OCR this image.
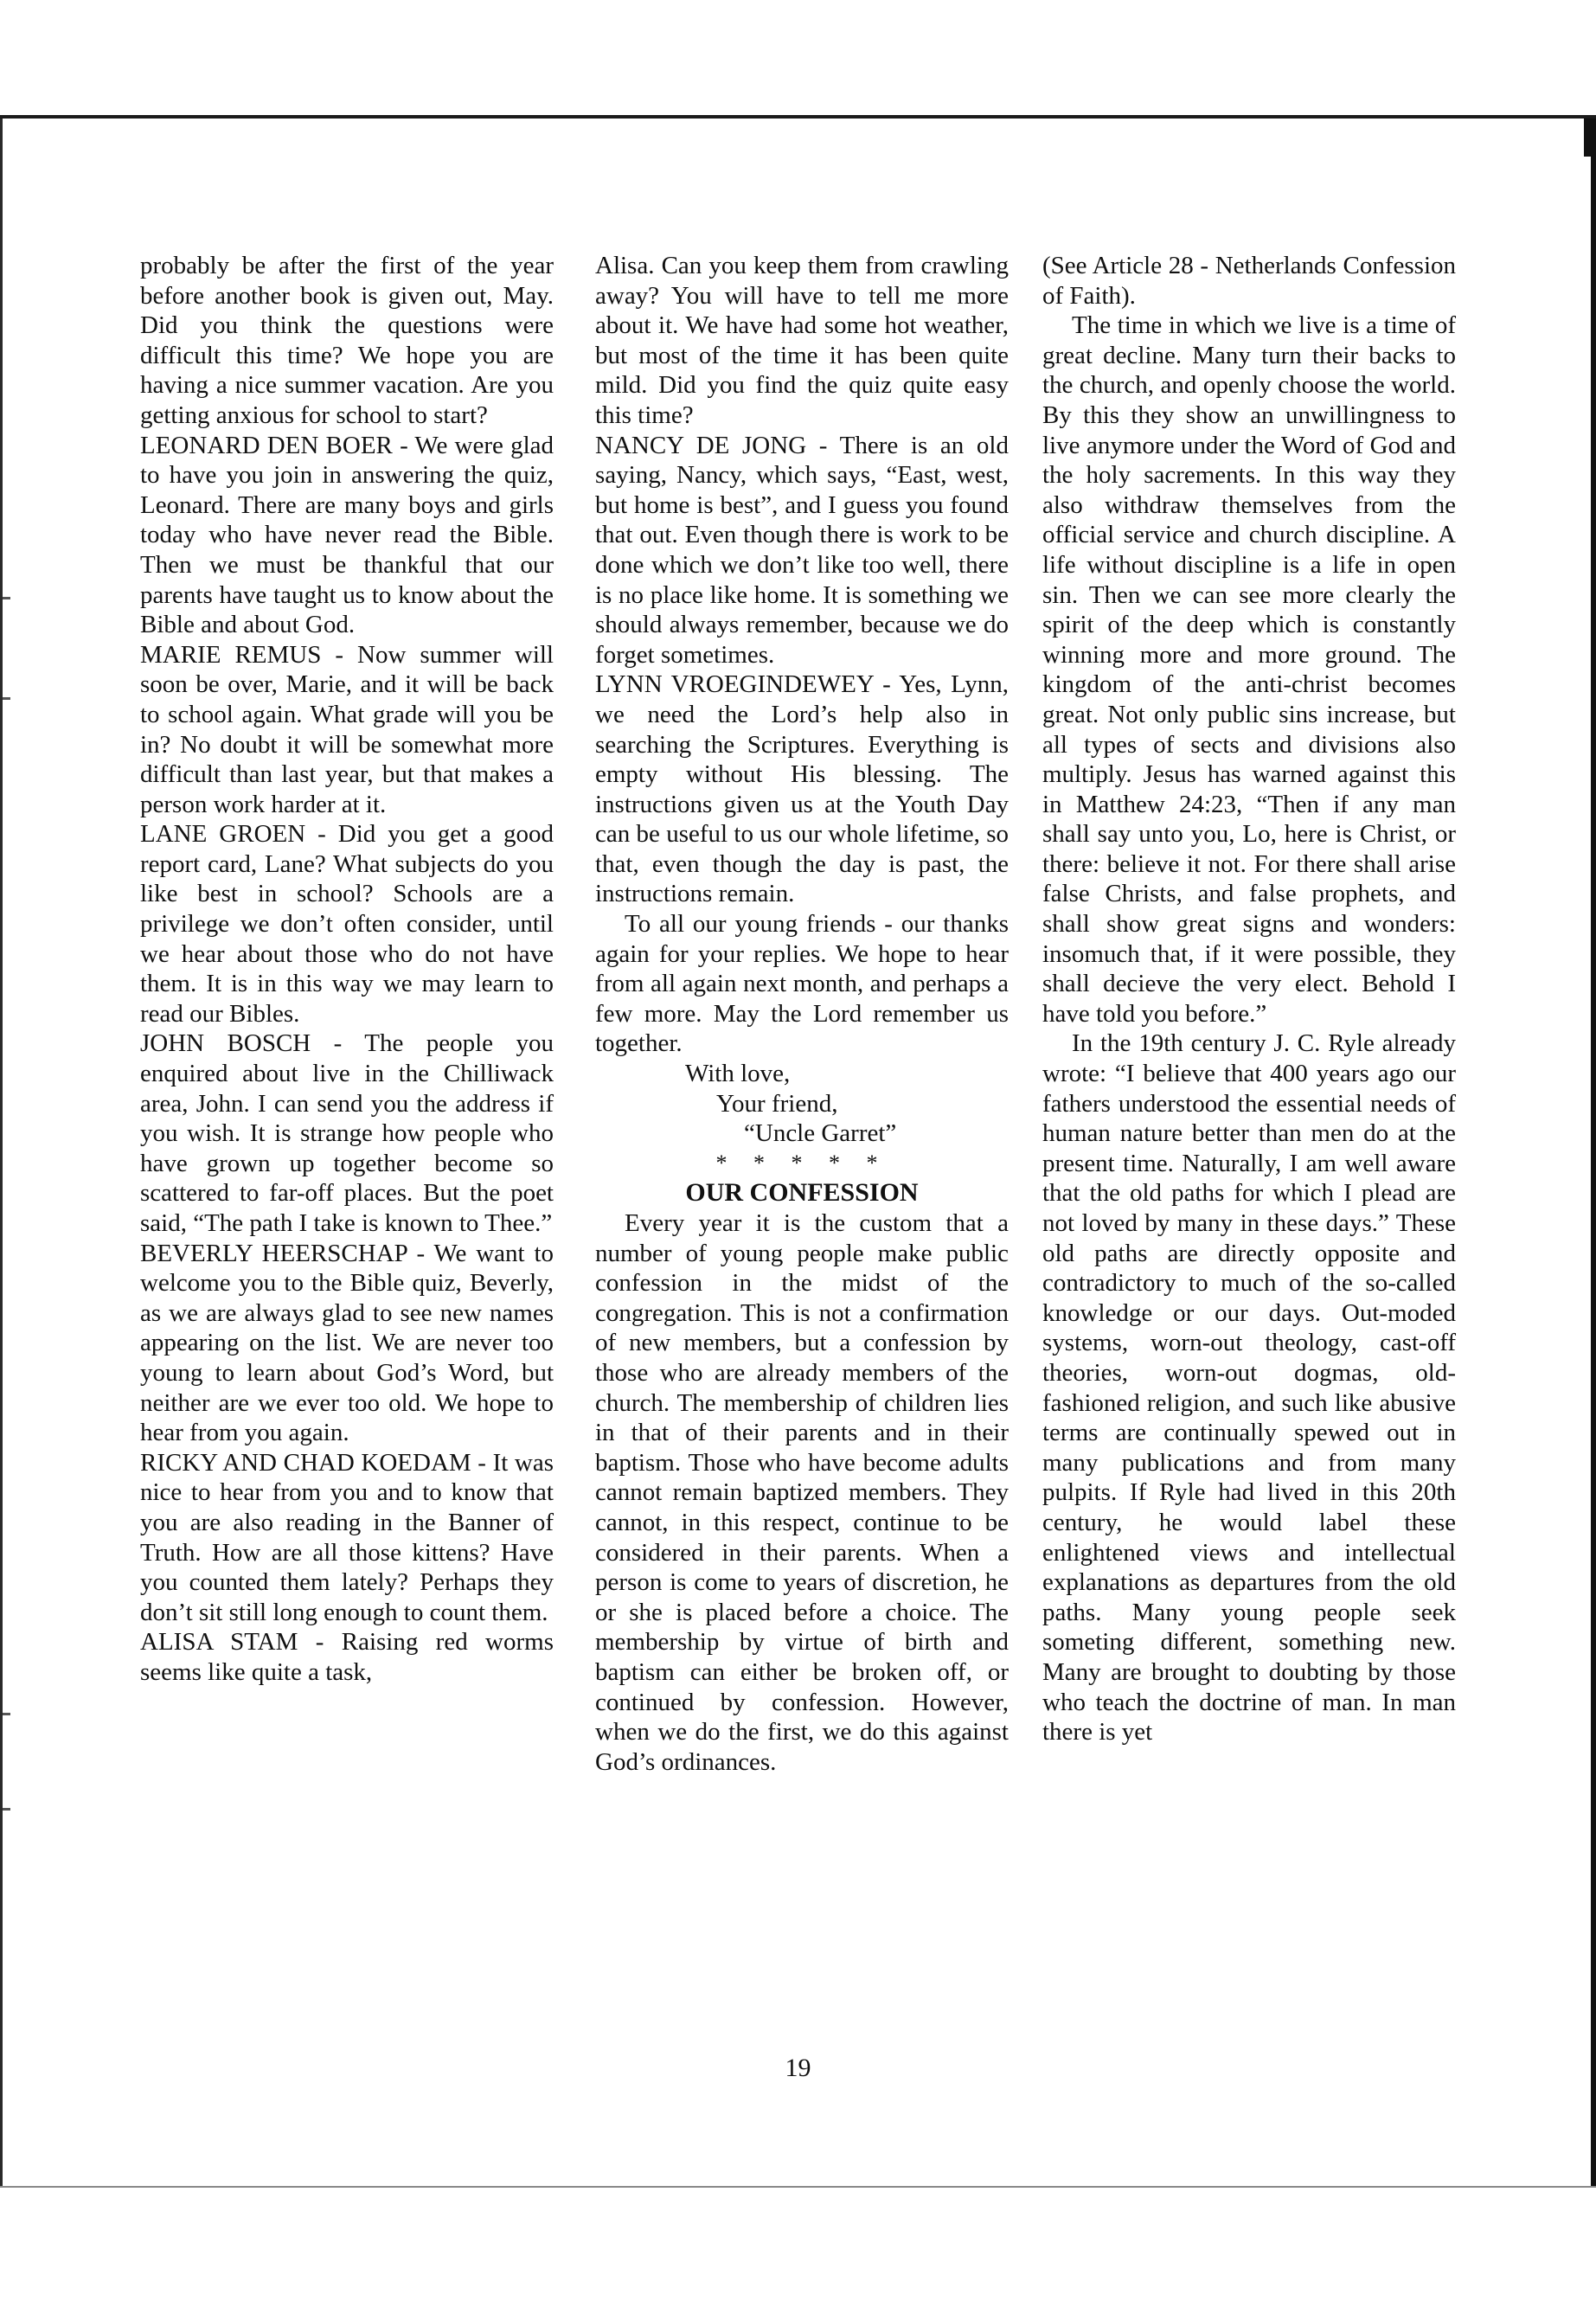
probably be after the first of the year before another book is given out, May. Did you think the questions were difficult this time? We hope you are having a nice summer vacation. Are you getting anxious for school to start?

LEONARD DEN BOER - We were glad to have you join in answering the quiz, Leonard. There are many boys and girls today who have never read the Bible. Then we must be thankful that our parents have taught us to know about the Bible and about God.

MARIE REMUS - Now summer will soon be over, Marie, and it will be back to school again. What grade will you be in? No doubt it will be somewhat more difficult than last year, but that makes a person work harder at it.

LANE GROEN - Did you get a good report card, Lane? What subjects do you like best in school? Schools are a privilege we don’t often consider, until we hear about those who do not have them. It is in this way we may learn to read our Bibles.

JOHN BOSCH - The people you enquired about live in the Chilliwack area, John. I can send you the address if you wish. It is strange how people who have grown up together become so scattered to far-off places. But the poet said, “The path I take is known to Thee.”

BEVERLY HEERSCHAP - We want to welcome you to the Bible quiz, Beverly, as we are always glad to see new names appearing on the list. We are never too young to learn about God’s Word, but neither are we ever too old. We hope to hear from you again.

RICKY AND CHAD KOEDAM - It was nice to hear from you and to know that you are also reading in the Banner of Truth. How are all those kittens? Have you counted them lately? Perhaps they don’t sit still long enough to count them.

ALISA STAM - Raising red worms seems like quite a task,

Alisa. Can you keep them from crawling away? You will have to tell me more about it. We have had some hot weather, but most of the time it has been quite mild. Did you find the quiz quite easy this time?

NANCY DE JONG - There is an old saying, Nancy, which says, “East, west, but home is best”, and I guess you found that out. Even though there is work to be done which we don’t like too well, there is no place like home. It is something we should always remember, because we do forget sometimes.

LYNN VROEGINDEWEY - Yes, Lynn, we need the Lord’s help also in searching the Scriptures. Everything is empty without His blessing. The instructions given us at the Youth Day can be useful to us our whole lifetime, so that, even though the day is past, the instructions remain.

To all our young friends - our thanks again for your replies. We hope to hear from all again next month, and perhaps a few more. May the Lord remember us together.

With love,
Your friend,
“Uncle Garret”

* * * * *

OUR CONFESSION

Every year it is the custom that a number of young people make public confession in the midst of the congregation. This is not a confirmation of new members, but a confession by those who are already members of the church. The membership of children lies in that of their parents and in their baptism. Those who have become adults cannot remain baptized members. They cannot, in this respect, continue to be considered in their parents. When a person is come to years of discretion, he or she is placed before a choice. The membership by virtue of birth and baptism can either be broken off, or continued by confession. However, when we do the first, we do this against God’s ordinances.

(See Article 28 - Netherlands Confession of Faith).

The time in which we live is a time of great decline. Many turn their backs to the church, and openly choose the world. By this they show an unwillingness to live anymore under the Word of God and the holy sacrements. In this way they also withdraw themselves from the official service and church discipline. A life without discipline is a life in open sin. Then we can see more clearly the spirit of the deep which is constantly winning more and more ground. The kingdom of the anti-christ becomes great. Not only public sins increase, but all types of sects and divisions also multiply. Jesus has warned against this in Matthew 24:23, “Then if any man shall say unto you, Lo, here is Christ, or there: believe it not. For there shall arise false Christs, and false prophets, and shall show great signs and wonders: insomuch that, if it were possible, they shall decieve the very elect. Behold I have told you before.”

In the 19th century J. C. Ryle already wrote: “I believe that 400 years ago our fathers understood the essential needs of human nature better than men do at the present time. Naturally, I am well aware that the old paths for which I plead are not loved by many in these days.” These old paths are directly opposite and contradictory to much of the so-called knowledge or our days. Out-moded systems, worn-out theology, cast-off theories, worn-out dogmas, old-fashioned religion, and such like abusive terms are continually spewed out in many publications and from many pulpits. If Ryle had lived in this 20th century, he would label these enlightened views and intellectual explanations as departures from the old paths. Many young people seek someting different, something new. Many are brought to doubting by those who teach the doctrine of man. In man there is yet

19
